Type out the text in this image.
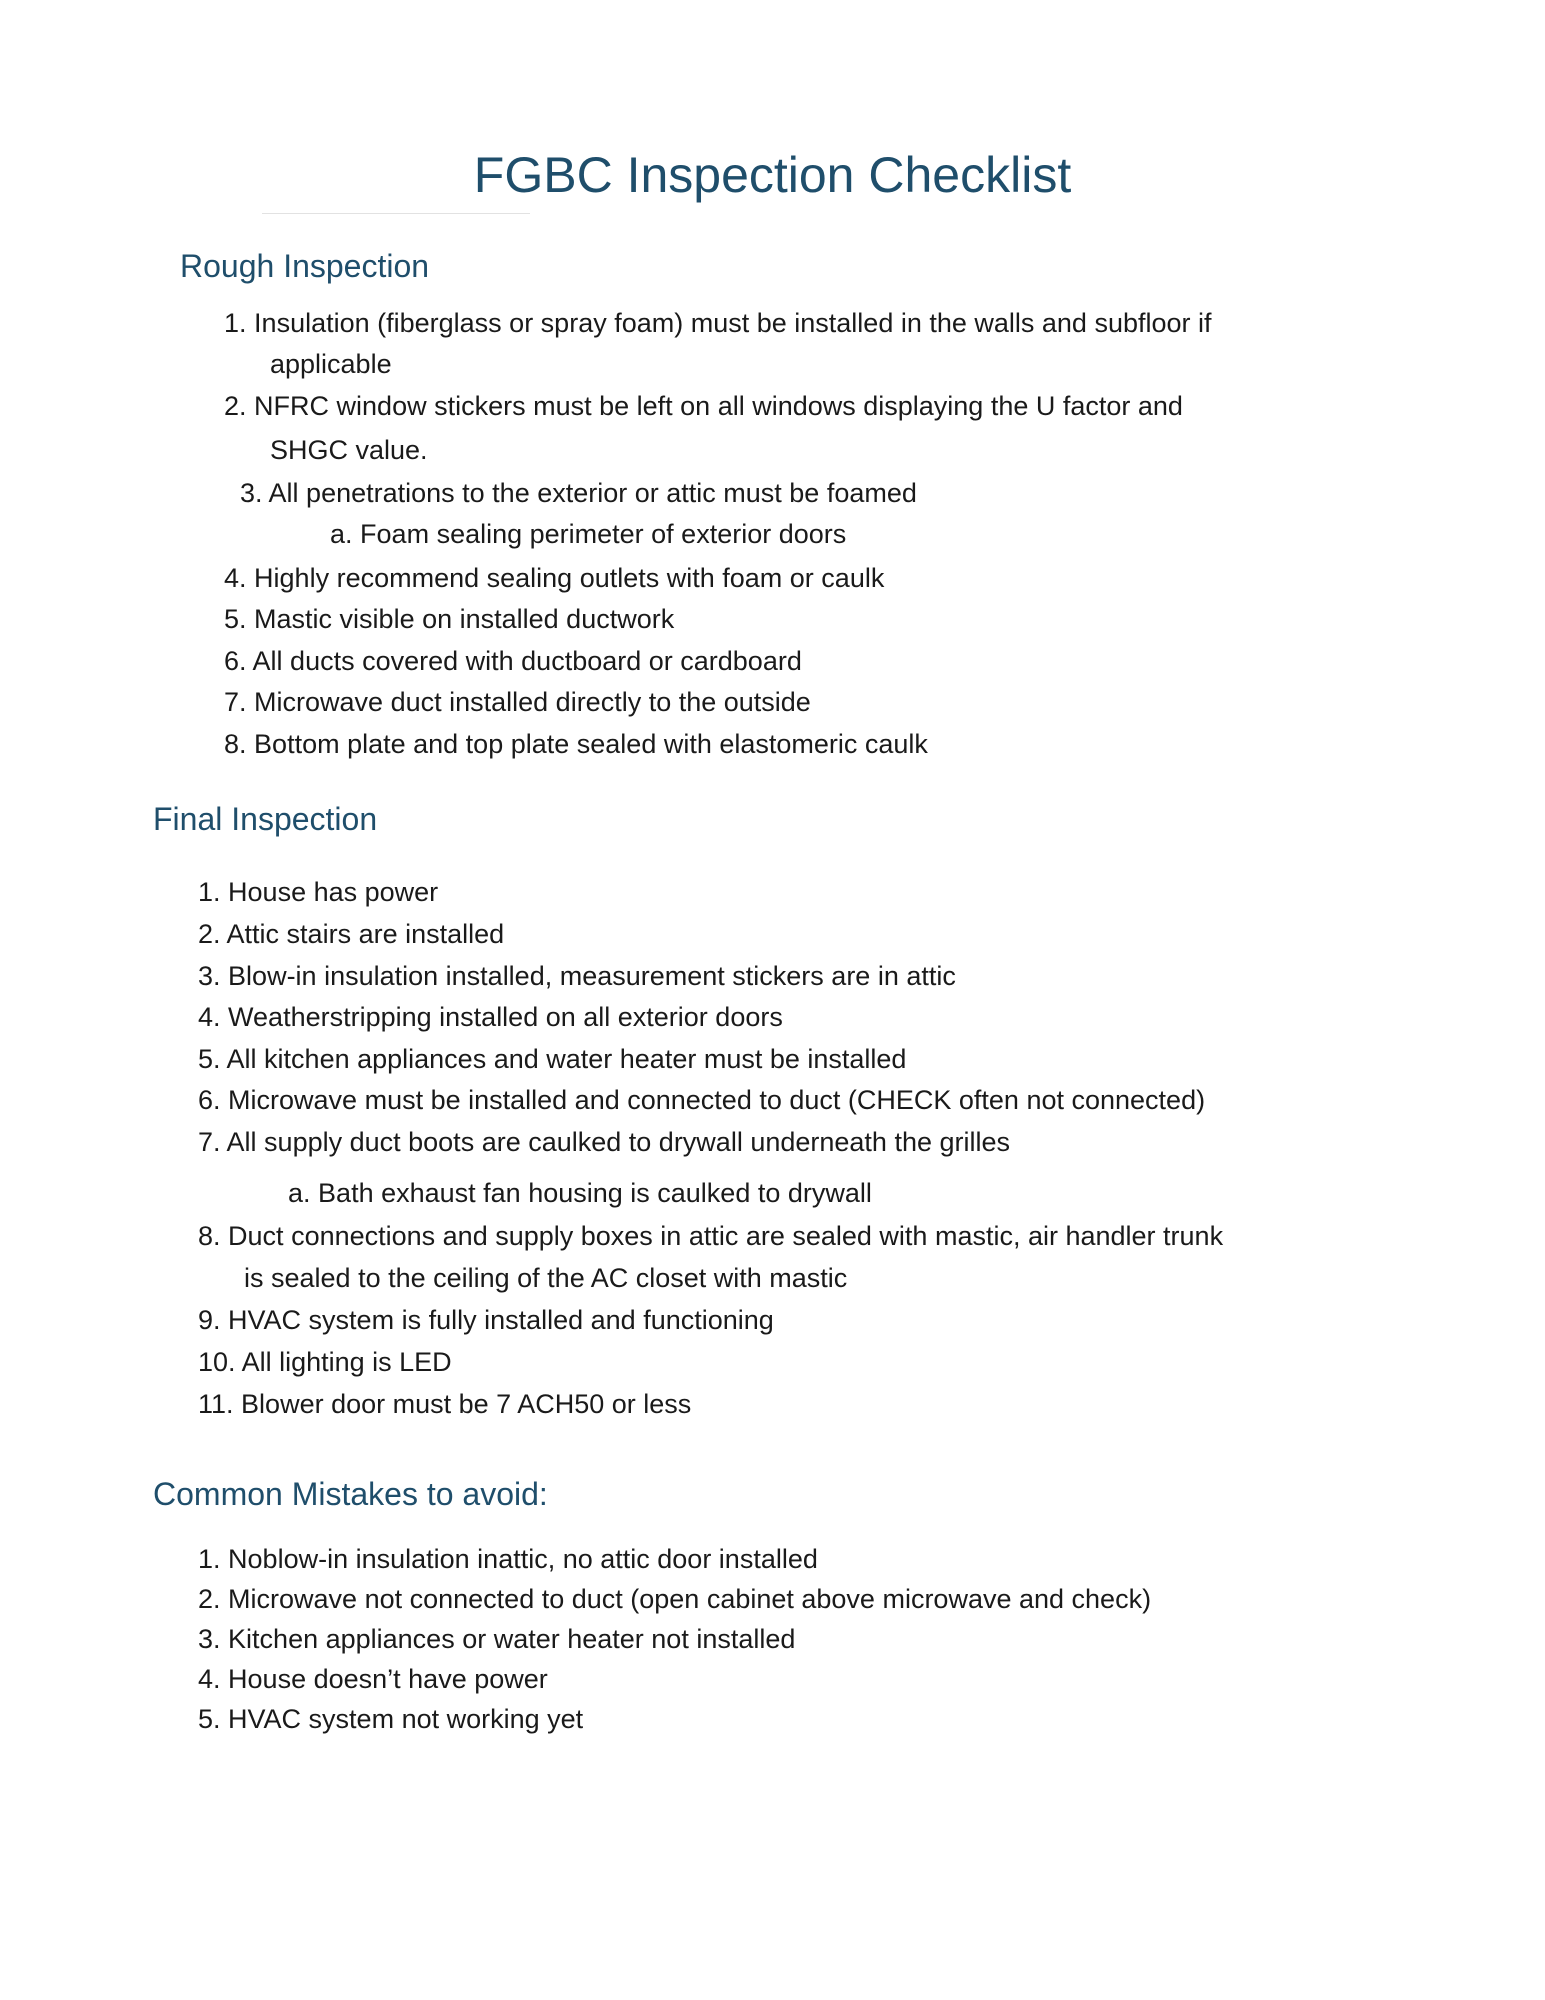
FGBC Inspection Checklist
Rough Inspection
1. Insulation (fiberglass or spray foam) must be installed in the walls and subfloor if
applicable
2. NFRC window stickers must be left on all windows displaying the U factor and
SHGC value.
3. All penetrations to the exterior or attic must be foamed
a. Foam sealing perimeter of exterior doors
4. Highly recommend sealing outlets with foam or caulk
5. Mastic visible on installed ductwork
6. All ducts covered with ductboard or cardboard
7. Microwave duct installed directly to the outside
8. Bottom plate and top plate sealed with elastomeric caulk
Final Inspection
1. House has power
2. Attic stairs are installed
3. Blow-in insulation installed, measurement stickers are in attic
4. Weatherstripping installed on all exterior doors
5. All kitchen appliances and water heater must be installed
6. Microwave must be installed and connected to duct (CHECK often not connected)
7. All supply duct boots are caulked to drywall underneath the grilles
a. Bath exhaust fan housing is caulked to drywall
8. Duct connections and supply boxes in attic are sealed with mastic, air handler trunk
is sealed to the ceiling of the AC closet with mastic
9. HVAC system is fully installed and functioning
10. All lighting is LED
11. Blower door must be 7 ACH50 or less
Common Mistakes to avoid:
1. Noblow-in insulation inattic, no attic door installed
2. Microwave not connected to duct (open cabinet above microwave and check)
3. Kitchen appliances or water heater not installed
4. House doesn’t have power
5. HVAC system not working yet
